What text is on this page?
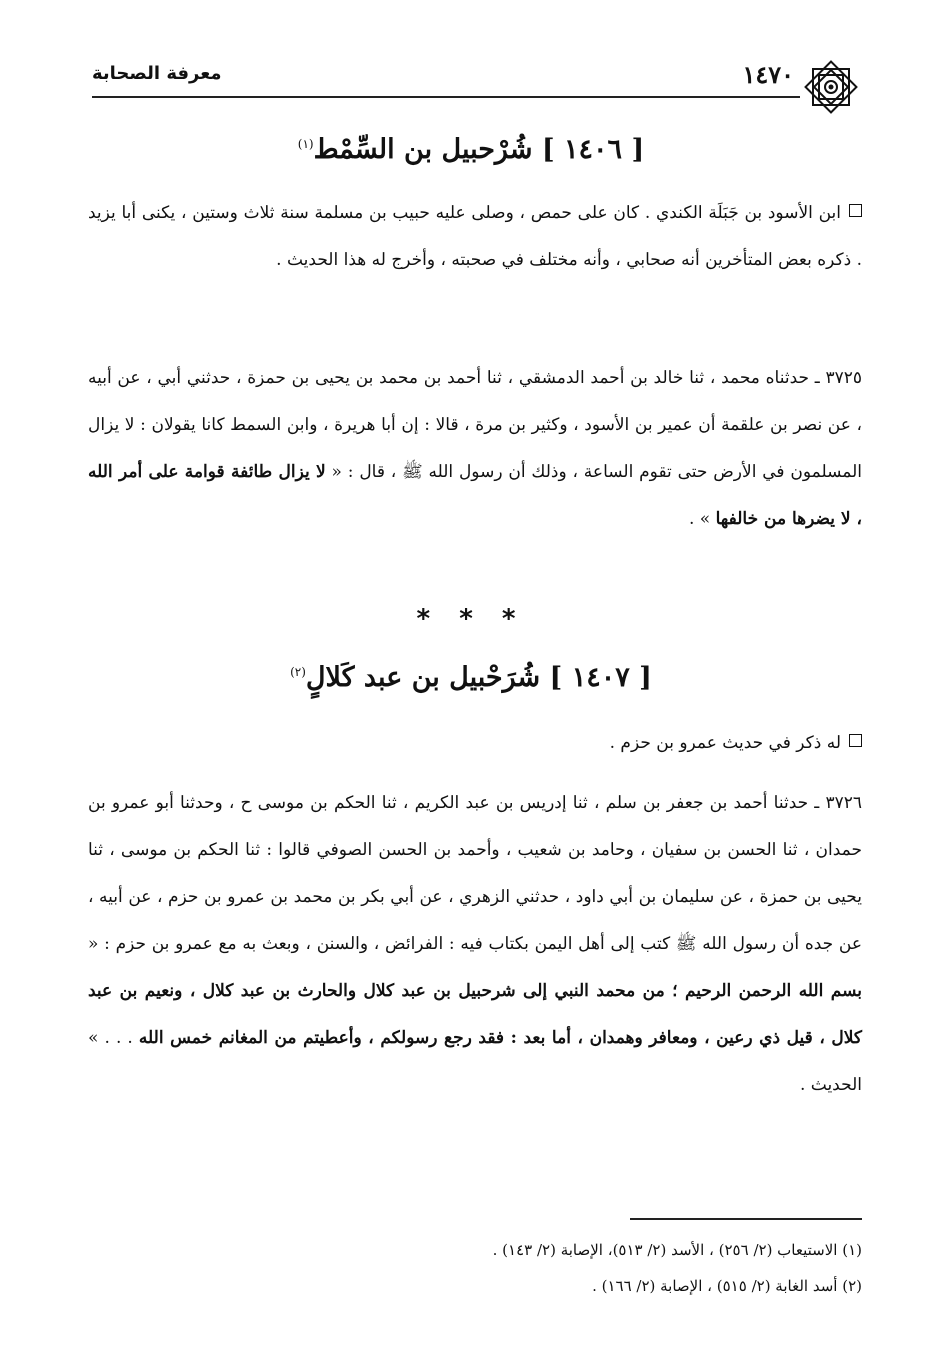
معرفة الصحابة	١٤٧٠
[ ١٤٠٦ ] شُرْحبيل بن السِّمْط$^{(١)}$
ابن الأسود بن جَبَلَة الكندي . كان على حمص ، وصلى عليه حبيب بن مسلمة سنة ثلاث وستين ، يكنى أبا يزيد . ذكره بعض المتأخرين أنه صحابي ، وأنه مختلف في صحبته ، وأخرج له هذا الحديث .
٣٧٢٥ ـ حدثناه محمد ، ثنا خالد بن أحمد الدمشقي ، ثنا أحمد بن محمد بن يحيى بن حمزة ، حدثني أبي ، عن أبيه ، عن نصر بن علقمة أن عمير بن الأسود ، وكثير بن مرة ، قالا : إن أبا هريرة ، وابن السمط كانا يقولان : لا يزال المسلمون في الأرض حتى تقوم الساعة ، وذلك أن رسول الله ﷺ ، قال : « لا يزال طائفة قوامة على أمر الله ، لا يضرها من خالفها » .
* * *
[ ١٤٠٧ ] شُرَحْبيل بن عبد كَلالٍ$^{(٢)}$
له ذكر في حديث عمرو بن حزم .
٣٧٢٦ ـ حدثنا أحمد بن جعفر بن سلم ، ثنا إدريس بن عبد الكريم ، ثنا الحكم بن موسى ح ، وحدثنا أبو عمرو بن حمدان ، ثنا الحسن بن سفيان ، وحامد بن شعيب ، وأحمد بن الحسن الصوفي قالوا : ثنا الحكم بن موسى ، ثنا يحيى بن حمزة ، عن سليمان بن أبي داود ، حدثني الزهري ، عن أبي بكر بن محمد بن عمرو بن حزم ، عن أبيه ، عن جده أن رسول الله ﷺ كتب إلى أهل اليمن بكتاب فيه : الفرائض ، والسنن ، وبعث به مع عمرو بن حزم : « بسم الله الرحمن الرحيم ؛ من محمد النبي إلى شرحبيل بن عبد كلال والحارث بن عبد كلال ، ونعيم بن عبد كلال ، قيل ذي رعين ، ومعافر وهمدان ، أما بعد : فقد رجع رسولكم ، وأعطيتم من المغانم خمس الله . . . » الحديث .
(١) الاستيعاب (٢/ ٢٥٦) ، الأسد (٢/ ٥١٣)، الإصابة (٢/ ١٤٣) .
(٢) أسد الغابة (٢/ ٥١٥) ، الإصابة (٢/ ١٦٦) .
